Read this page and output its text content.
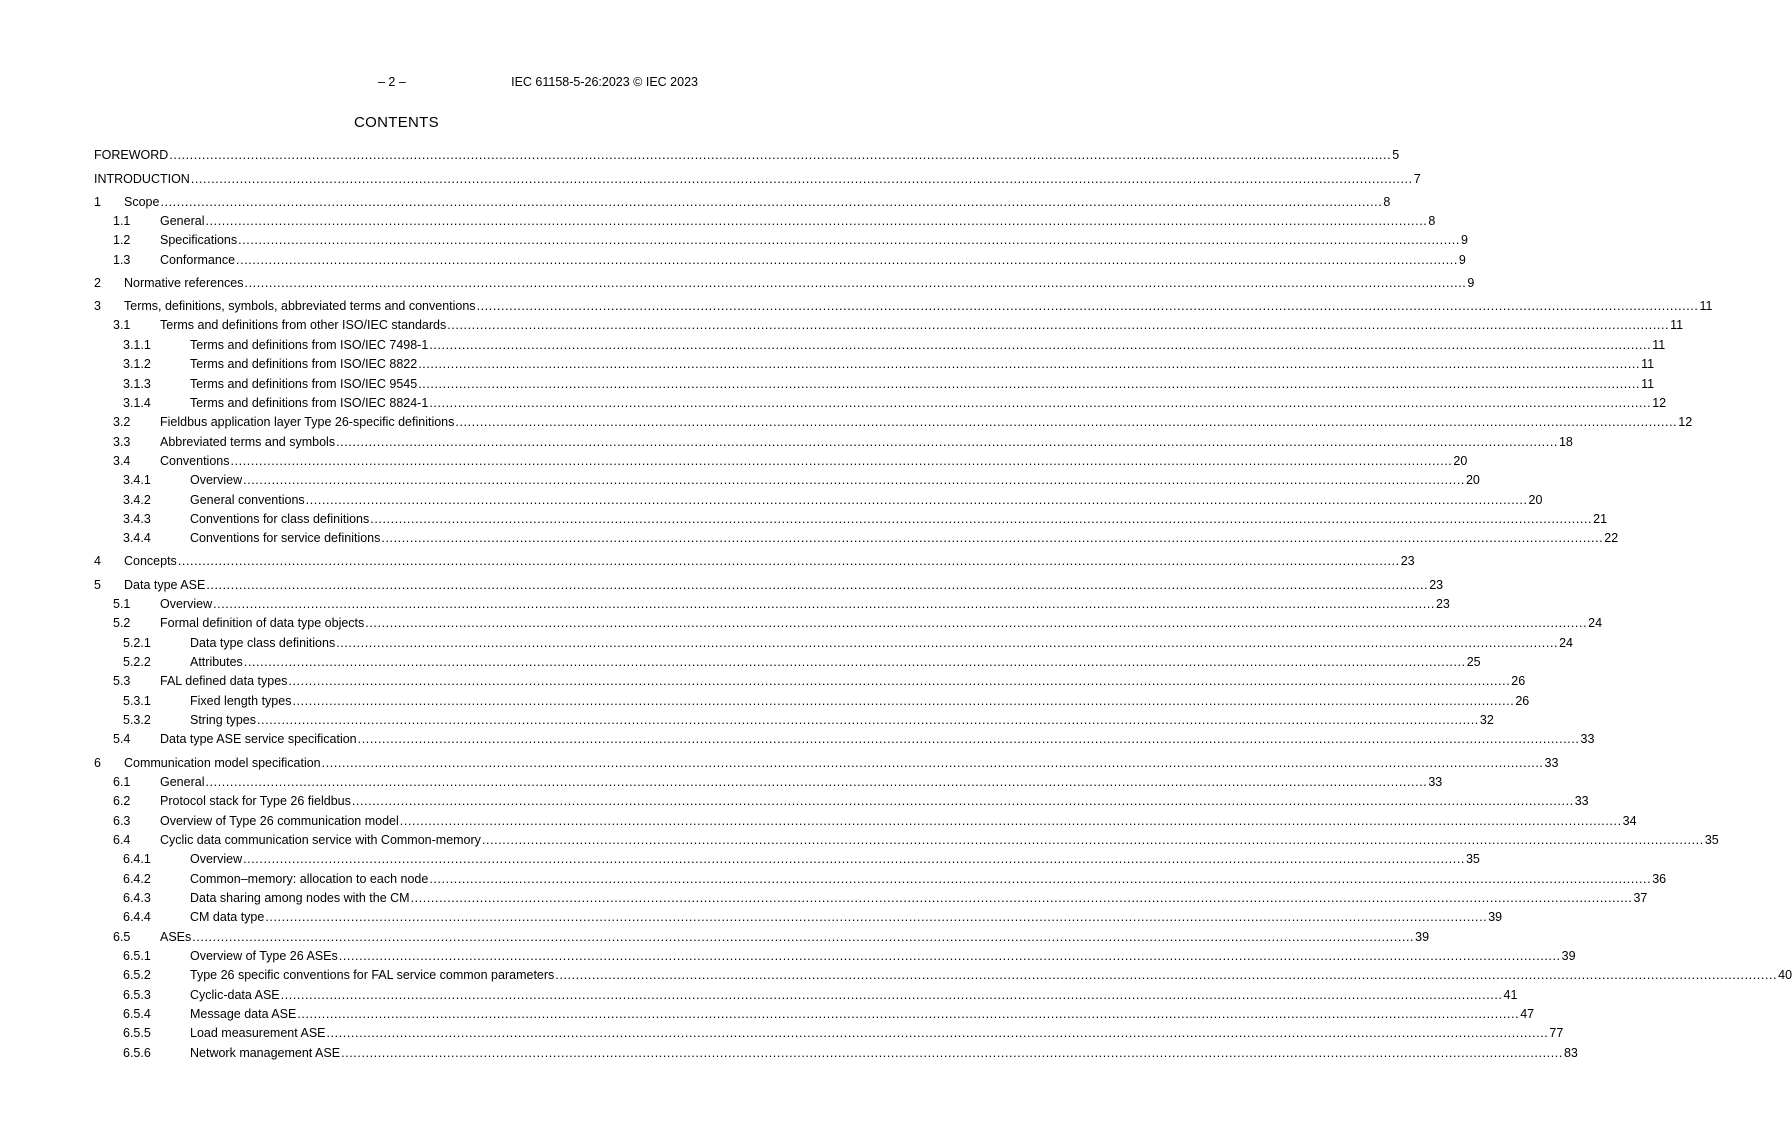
– 2 –	IEC 61158-5-26:2023 © IEC 2023
CONTENTS
FOREWORD ............................................................................................................................................................................................................................................................................................................ 5
INTRODUCTION ............................................................................................................................................................................................................................................................................................................ 7
1	Scope ............................................................................................................................................................................................................................................................................................................ 8
1.1	General ............................................................................................................................................................................................................................................................................................................ 8
1.2	Specifications ............................................................................................................................................................................................................................................................................................................ 9
1.3	Conformance ............................................................................................................................................................................................................................................................................................................ 9
2	Normative references ............................................................................................................................................................................................................................................................................................................ 9
3	Terms, definitions, symbols, abbreviated terms and conventions ............................................................................................................................................................................................................................................................................................................ 11
3.1	Terms and definitions from other ISO/IEC standards ............................................................................................................................................................................................................................................................................................................ 11
3.1.1	Terms and definitions from ISO/IEC 7498-1 ............................................................................................................................................................................................................................................................................................................ 11
3.1.2	Terms and definitions from ISO/IEC 8822 ............................................................................................................................................................................................................................................................................................................ 11
3.1.3	Terms and definitions from ISO/IEC 9545 ............................................................................................................................................................................................................................................................................................................ 11
3.1.4	Terms and definitions from ISO/IEC 8824-1 ............................................................................................................................................................................................................................................................................................................ 12
3.2	Fieldbus application layer Type 26-specific definitions ............................................................................................................................................................................................................................................................................................................ 12
3.3	Abbreviated terms and symbols ............................................................................................................................................................................................................................................................................................................ 18
3.4	Conventions ............................................................................................................................................................................................................................................................................................................ 20
3.4.1	Overview ............................................................................................................................................................................................................................................................................................................ 20
3.4.2	General conventions ............................................................................................................................................................................................................................................................................................................ 20
3.4.3	Conventions for class definitions ............................................................................................................................................................................................................................................................................................................ 21
3.4.4	Conventions for service definitions ............................................................................................................................................................................................................................................................................................................ 22
4	Concepts ............................................................................................................................................................................................................................................................................................................ 23
5	Data type ASE ............................................................................................................................................................................................................................................................................................................ 23
5.1	Overview ............................................................................................................................................................................................................................................................................................................ 23
5.2	Formal definition of data type objects ............................................................................................................................................................................................................................................................................................................ 24
5.2.1	Data type class definitions ............................................................................................................................................................................................................................................................................................................ 24
5.2.2	Attributes ............................................................................................................................................................................................................................................................................................................ 25
5.3	FAL defined data types ............................................................................................................................................................................................................................................................................................................ 26
5.3.1	Fixed length types ............................................................................................................................................................................................................................................................................................................ 26
5.3.2	String types ............................................................................................................................................................................................................................................................................................................ 32
5.4	Data type ASE service specification ............................................................................................................................................................................................................................................................................................................ 33
6	Communication model specification ............................................................................................................................................................................................................................................................................................................ 33
6.1	General ............................................................................................................................................................................................................................................................................................................ 33
6.2	Protocol stack for Type 26 fieldbus ............................................................................................................................................................................................................................................................................................................ 33
6.3	Overview of Type 26 communication model ............................................................................................................................................................................................................................................................................................................ 34
6.4	Cyclic data communication service with Common-memory ............................................................................................................................................................................................................................................................................................................ 35
6.4.1	Overview ............................................................................................................................................................................................................................................................................................................ 35
6.4.2	Common–memory: allocation to each node ............................................................................................................................................................................................................................................................................................................ 36
6.4.3	Data sharing among nodes with the CM ............................................................................................................................................................................................................................................................................................................ 37
6.4.4	CM data type ............................................................................................................................................................................................................................................................................................................ 39
6.5	ASEs ............................................................................................................................................................................................................................................................................................................ 39
6.5.1	Overview of Type 26 ASEs ............................................................................................................................................................................................................................................................................................................ 39
6.5.2	Type 26 specific conventions for FAL service common parameters ............................................................................................................................................................................................................................................................................................................ 40
6.5.3	Cyclic-data ASE ............................................................................................................................................................................................................................................................................................................ 41
6.5.4	Message data ASE ............................................................................................................................................................................................................................................................................................................ 47
6.5.5	Load measurement ASE ............................................................................................................................................................................................................................................................................................................ 77
6.5.6	Network management ASE ............................................................................................................................................................................................................................................................................................................ 83
